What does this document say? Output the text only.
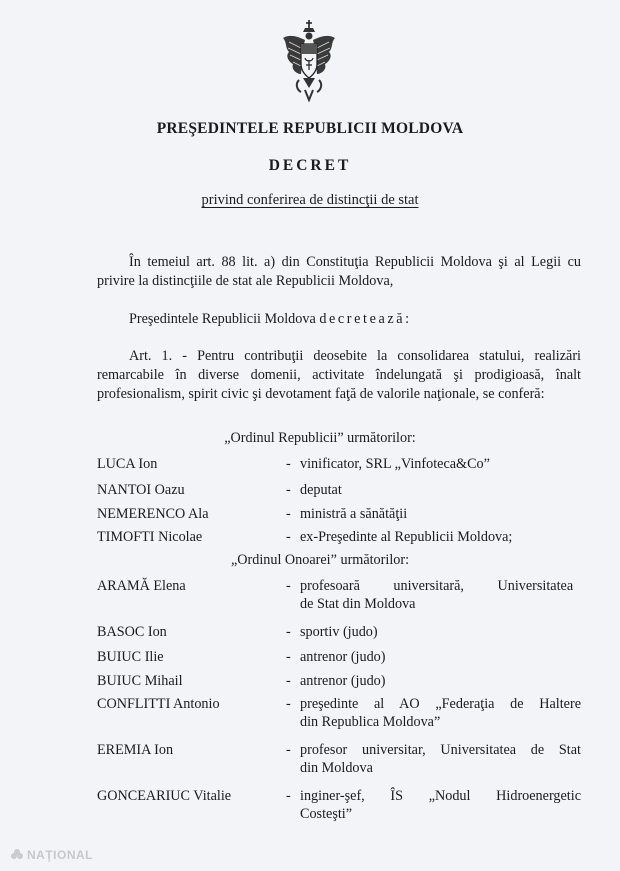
PREŞEDINTELE REPUBLICII MOLDOVA
DECRET
privind conferirea de distincţii de stat
În temeiul art. 88 lit. a) din Constituţia Republicii Moldova şi al Legii cu privire la distincţiile de stat ale Republicii Moldova,
Preşedintele Republicii Moldova decretează:
Art. 1. - Pentru contribuţii deosebite la consolidarea statului, realizări remarcabile în diverse domenii, activitate îndelungată şi prodigioasă, înalt profesionalism, spirit civic şi devotament faţă de valorile naţionale, se conferă:
„Ordinul Republicii” următorilor:
LUCA Ion	- vinificator, SRL „Vinfoteca&Co”
NANTOI Oazu	- deputat
NEMERENCO Ala	- ministră a sănătăţii
TIMOFTI Nicolae	- ex-Preşedinte al Republicii Moldova;
„Ordinul Onoarei” următorilor:
ARAMĂ Elena	- profesoară universitară, Universitatea
de Stat din Moldova
BASOC Ion	- sportiv (judo)
BUIUC Ilie	- antrenor (judo)
BUIUC Mihail	- antrenor (judo)
CONFLITTI Antonio	- preşedinte al AO „Federaţia de Haltere
din Republica Moldova”
EREMIA Ion	- profesor universitar, Universitatea de Stat
din Moldova
GONCEARIUC Vitalie	- inginer-şef, ÎS „Nodul Hidroenergetic
Costeşti”
NAŢIONAL
